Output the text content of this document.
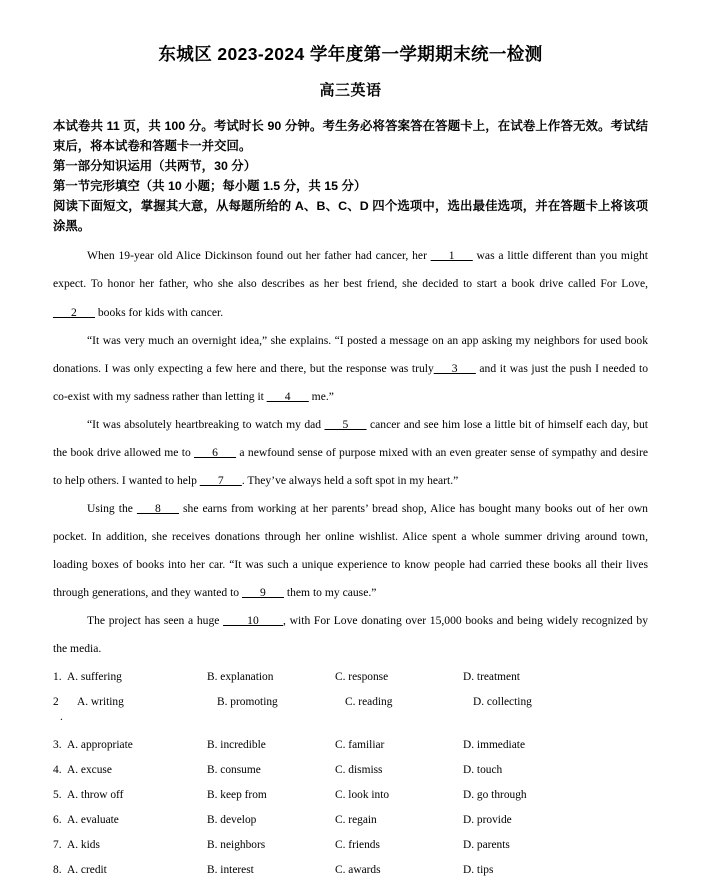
东城区 2023-2024 学年度第一学期期末统一检测
高三英语

本试卷共 11 页，共 100 分。考试时长 90 分钟。考生务必将答案答在答题卡上，在试卷上作答无效。考试结束后，将本试卷和答题卡一并交回。

第一部分知识运用（共两节，30 分）

第一节完形填空（共 10 小题；每小题 1.5 分，共 15 分）

阅读下面短文，掌握其大意，从每题所给的 A、B、C、D 四个选项中，选出最佳选项，并在答题卡上将该项涂黑。

When 19-year old Alice Dickinson found out her father had cancer, her ___1___ was a little different than you might expect. To honor her father, who she also describes as her best friend, she decided to start a book drive called For Love, ___2___ books for kids with cancer.

“It was very much an overnight idea,” she explains. “I posted a message on an app asking my neighbors for used book donations. I was only expecting a few here and there, but the response was truly___3___ and it was just the push I needed to co-exist with my sadness rather than letting it ___4___ me.”

“It was absolutely heartbreaking to watch my dad ___5___ cancer and see him lose a little bit of himself each day, but the book drive allowed me to ___6___ a newfound sense of purpose mixed with an even greater sense of sympathy and desire to help others. I wanted to help ___7___. They’ve always held a soft spot in my heart.”

Using the ___8___ she earns from working at her parents’ bread shop, Alice has bought many books out of her own pocket. In addition, she receives donations through her online wishlist. Alice spent a whole summer driving around town, loading boxes of books into her car. “It was such a unique experience to know people had carried these books all their lives through generations, and they wanted to ___9___ them to my cause.”

The project has seen a huge ____10____, with For Love donating over 15,000 books and being widely recognized by the media.

1. A. suffering	B. explanation	C. response	D. treatment
2
.
A. writing	B. promoting	C. reading	D. collecting
3. A. appropriate	B. incredible	C. familiar	D. immediate
4. A. excuse	B. consume	C. dismiss	D. touch
5. A. throw off	B. keep from	C. look into	D. go through
6. A. evaluate	B. develop	C. regain	D. provide
7. A. kids	B. neighbors	C. friends	D. parents
8. A. credit	B. interest	C. awards	D. tips
